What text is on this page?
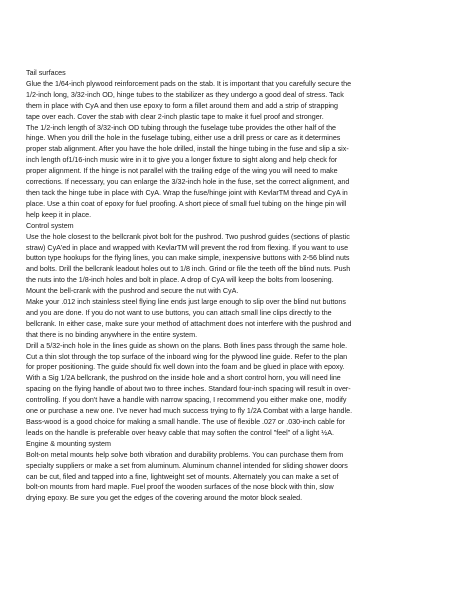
Tail surfaces
Glue the 1/64-inch plywood reinforcement pads on the stab. It is important that you carefully secure the
1/2-inch long, 3/32-inch OD, hinge tubes to the stabilizer as they undergo a good deal of stress. Tack
them in place with CyA and then use epoxy to form a fillet around them and add a strip of strapping
tape over each. Cover the stab with clear 2-inch plastic tape to make it fuel proof and stronger.
The 1/2-inch length of 3/32-inch OD tubing through the fuselage tube provides the other half of the
hinge. When you drill the hole in the fuselage tubing, either use a drill press or care as it determines
proper stab alignment. After you have the hole drilled, install the hinge tubing in the fuse and slip a six-
inch length of1/16-inch music wire in it to give you a longer fixture to sight along and help check for
proper alignment. If the hinge is not parallel with the trailing edge of the wing you will need to make
corrections. If necessary, you can enlarge the 3/32-inch hole in the fuse, set the correct alignment, and
then tack the hinge tube in place with CyA. Wrap the fuse/hinge joint with KevlarTM thread and CyA in
place. Use a thin coat of epoxy for fuel proofing. A short piece of small fuel tubing on the hinge pin will
help keep it in place.
Control system
Use the hole closest to the bellcrank pivot bolt for the pushrod. Two pushrod guides (sections of plastic
straw) CyA'ed in place and wrapped with KevlarTM will prevent the rod from flexing. If you want to use
button type hookups for the flying lines, you can make simple, inexpensive buttons with 2-56 blind nuts
and bolts. Drill the bellcrank leadout holes out to 1/8 inch. Grind or file the teeth off the blind nuts. Push
the nuts into the 1/8-inch holes and bolt in place. A drop of CyA will keep the bolts from loosening.
Mount the bell-crank with the pushrod and secure the nut with CyA.
Make your .012 inch stainless steel flying line ends just large enough to slip over the blind nut buttons
and you are done. If you do not want to use buttons, you can attach small line clips directly to the
bellcrank. In either case, make sure your method of attachment does not interfere with the pushrod and
that there is no binding anywhere in the entire system.
Drill a 5/32-inch hole in the lines guide as shown on the plans. Both lines pass through the same hole.
Cut a thin slot through the top surface of the inboard wing for the plywood line guide. Refer to the plan
for proper positioning. The guide should fix well down into the foam and be glued in place with epoxy.
With a Sig 1/2A bellcrank, the pushrod on the inside hole and a short control horn, you will need line
spacing on the flying handle of about two to three inches. Standard four-inch spacing will result in over-
controlling. If you don't have a handle with narrow spacing, I recommend you either make one, modify
one or purchase a new one. I've never had much success trying to fly 1/2A Combat with a large handle.
Bass-wood is a good choice for making a small handle. The use of flexible .027 or .030-inch cable for
leads on the handle is preferable over heavy cable that may soften the control "feel" of a light ½A.
Engine & mounting system
Bolt-on metal mounts help solve both vibration and durability problems. You can purchase them from
specialty suppliers or make a set from aluminum. Aluminum channel intended for sliding shower doors
can be cut, filed and tapped into a fine, lightweight set of mounts. Alternately you can make a set of
bolt-on mounts from hard maple. Fuel proof the wooden surfaces of the nose block with thin, slow
drying epoxy. Be sure you get the edges of the covering around the motor block sealed.
